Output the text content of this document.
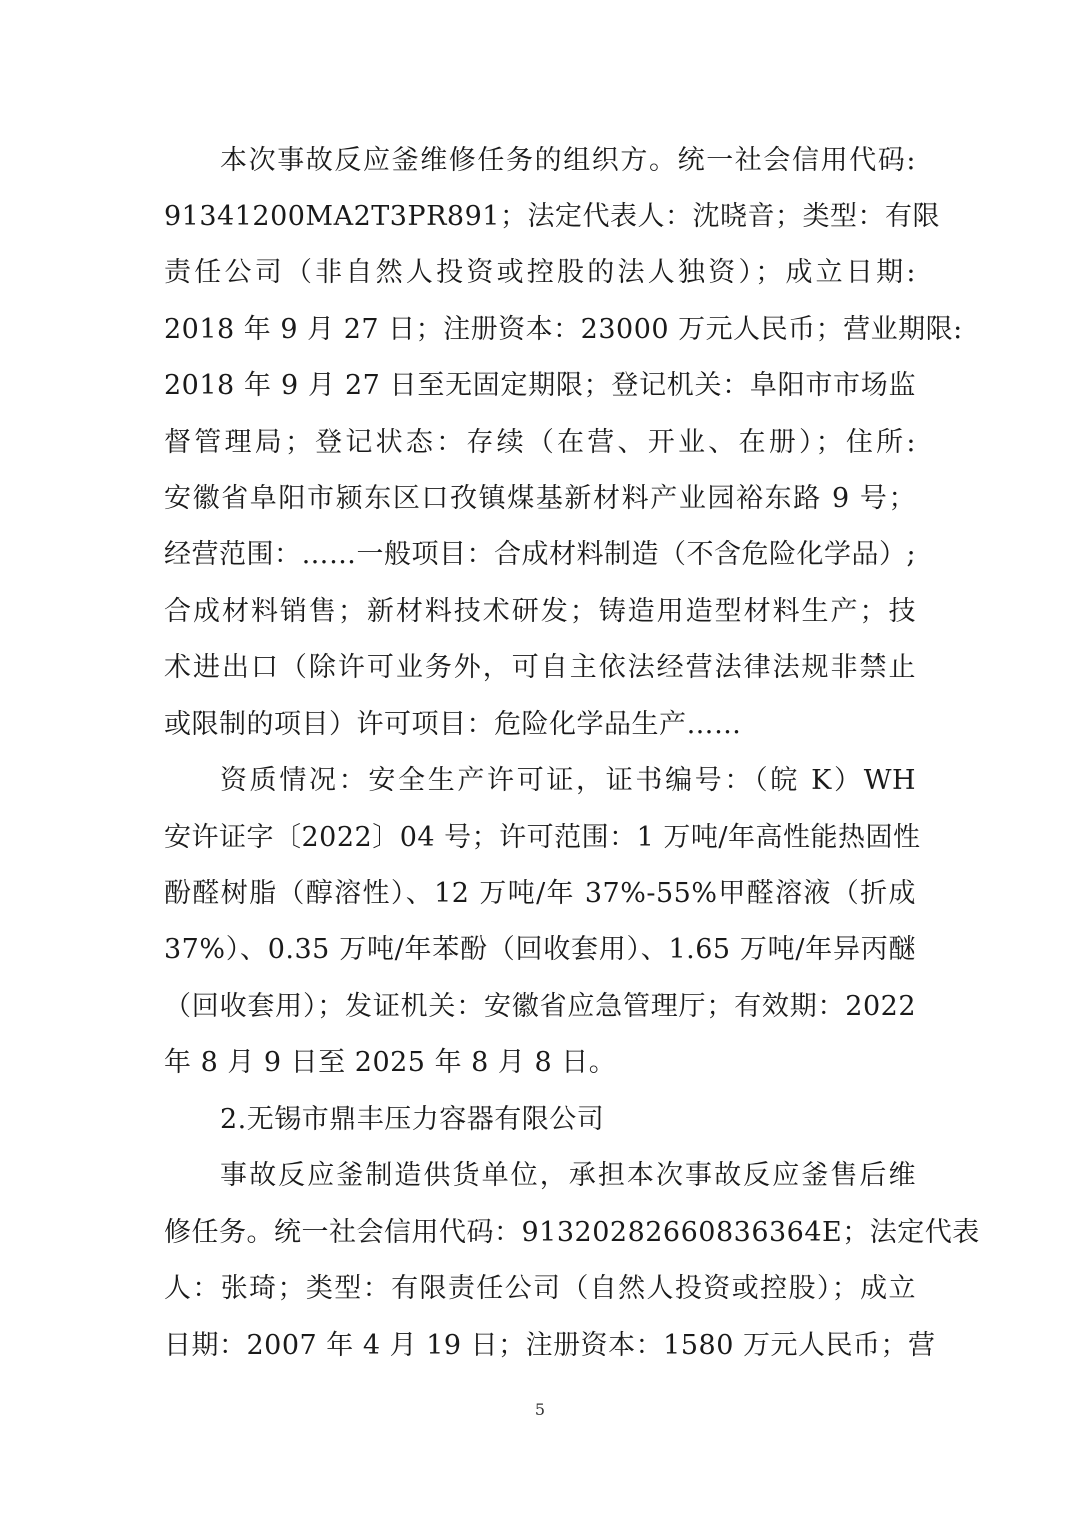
本次事故反应釜维修任务的组织方。统一社会信用代码:
91341200MA2T3PR891；法定代表人：沈晓音；类型：有限
责任公司（非自然人投资或控股的法人独资）；成立日期:
2018 年 9 月 27 日；注册资本：23000 万元人民币；营业期限:
2018 年 9 月 27 日至无固定期限；登记机关：阜阳市市场监
督管理局；登记状态：存续（在营、开业、在册）；住所:
安徽省阜阳市颍东区口孜镇煤基新材料产业园裕东路 9 号；
经营范围：……一般项目：合成材料制造（不含危险化学品）;
合成材料销售；新材料技术研发；铸造用造型材料生产；技
术进出口（除许可业务外，可自主依法经营法律法规非禁止
或限制的项目）许可项目：危险化学品生产……
资质情况：安全生产许可证，证书编号：（皖 K）WH
安许证字〔2022〕04 号；许可范围：1 万吨/年高性能热固性
酚醛树脂（醇溶性）、12 万吨/年 37%-55%甲醛溶液（折成
37%）、0.35 万吨/年苯酚（回收套用）、1.65 万吨/年异丙醚
（回收套用）；发证机关：安徽省应急管理厅；有效期：2022
年 8 月 9 日至 2025 年 8 月 8 日。
2.无锡市鼎丰压力容器有限公司
事故反应釜制造供货单位，承担本次事故反应釜售后维
修任务。统一社会信用代码：91320282660836364E；法定代表
人：张琦；类型：有限责任公司（自然人投资或控股）；成立
日期：2007 年 4 月 19 日；注册资本：1580 万元人民币；营
5
